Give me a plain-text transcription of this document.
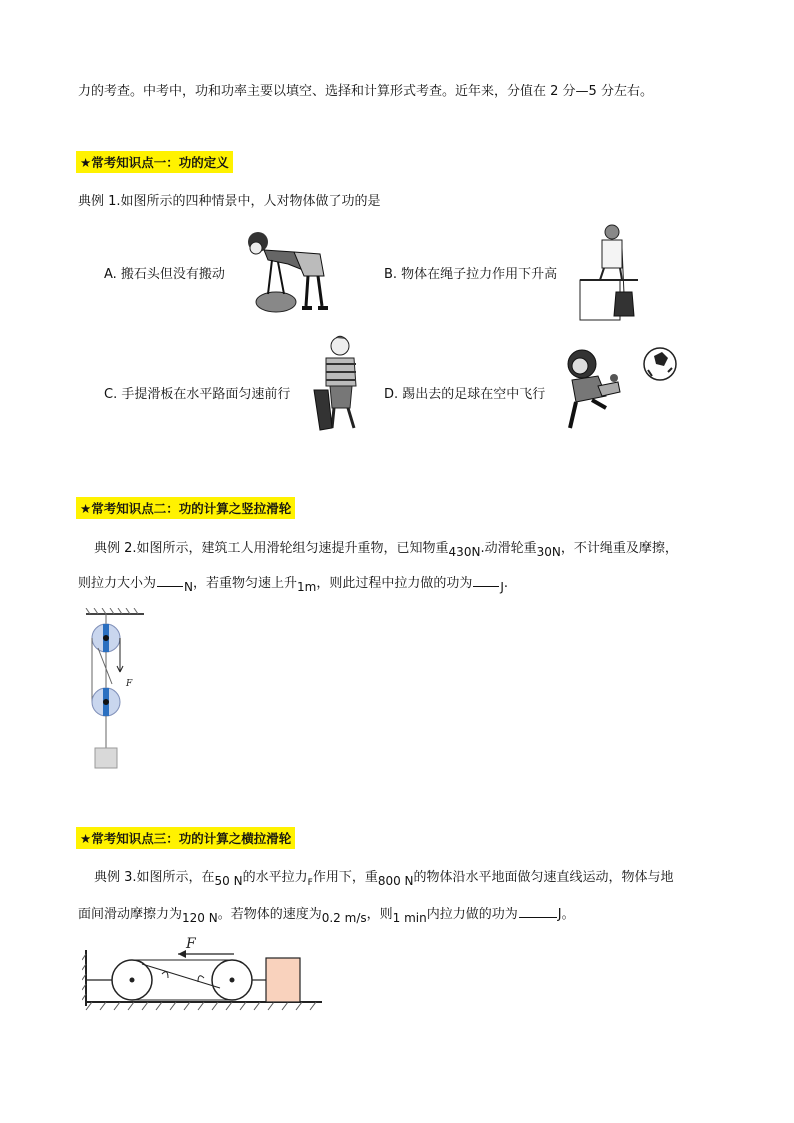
力的考查。中考中，功和功率主要以填空、选择和计算形式考查。近年来，分值在 2 分—5 分左右。
★常考知识点一：功的定义
典例 1.如图所示的四种情景中，人对物体做了功的是
A. 搬石头但没有搬动	B. 物体在绳子拉力作用下升高
C. 手提滑板在水平路面匀速前行	D. 踢出去的足球在空中飞行
★常考知识点二：功的计算之竖拉滑轮
典例 2.如图所示，建筑工人用滑轮组匀速提升重物，已知物重430N.动滑轮重30N，不计绳重及摩擦，
则拉力大小为 N，若重物匀速上升1m，则此过程中拉力做的功为 J.
F
★常考知识点三：功的计算之横拉滑轮
典例 3.如图所示，在50 N的水平拉力$_F$作用下，重800 N的物体沿水平地面做匀速直线运动，物体与地
面间滑动摩擦力为120 N。若物体的速度为0.2 m/s，则1 min内拉力做的功为	J。
F
